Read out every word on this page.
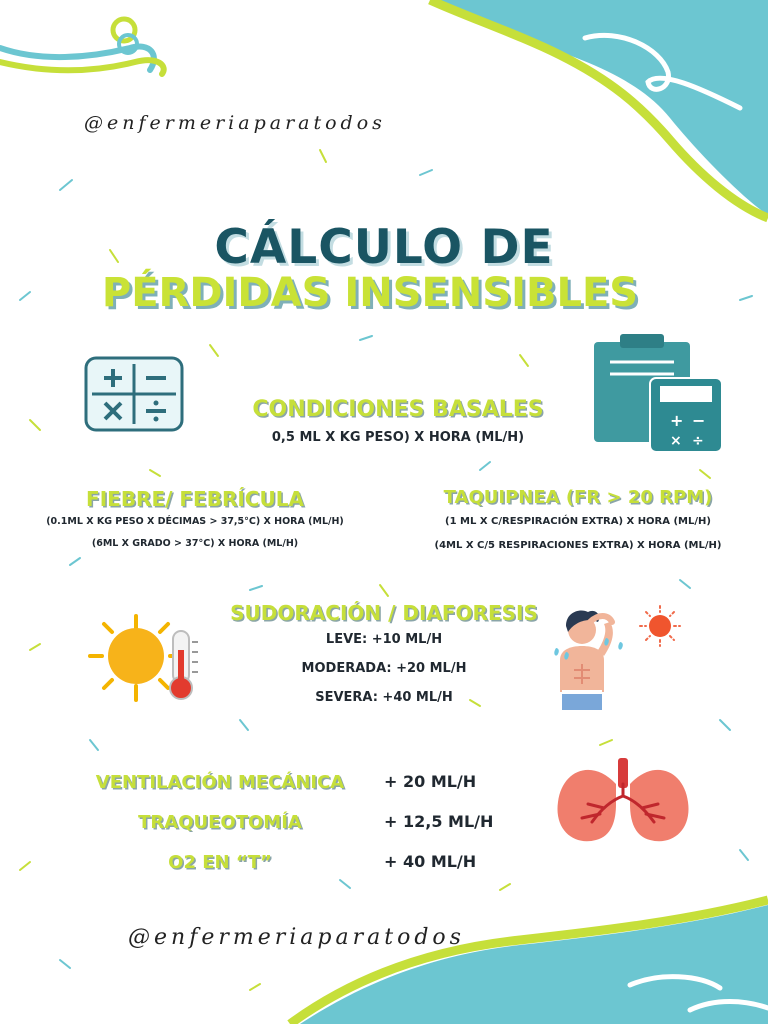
@enfermeriaparatodos
CÁLCULO DE
PÉRDIDAS INSENSIBLES
+ −
× ÷
CONDICIONES BASALES
0,5 ML X KG PESO) X HORA (ML/H)
FIEBRE/ FEBRÍCULA
(0.1ML X KG PESO X DÉCIMAS > 37,5°C) X HORA (ML/H)
(6ML X GRADO > 37°C) X HORA (ML/H)
TAQUIPNEA (FR > 20 RPM)
(1 ML X C/RESPIRACIÓN EXTRA) X HORA (ML/H)
(4ML X C/5 RESPIRACIONES EXTRA) X HORA (ML/H)
SUDORACIÓN / DIAFORESIS
LEVE: +10 ML/H
MODERADA: +20 ML/H
SEVERA: +40 ML/H
VENTILACIÓN MECÁNICA	+ 20 ML/H
TRAQUEOTOMÍA	+ 12,5 ML/H
O2 EN “T”	+ 40 ML/H
@enfermeriaparatodos
